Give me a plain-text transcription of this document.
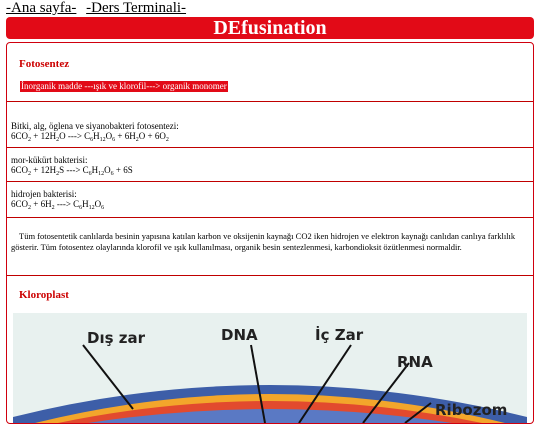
-Ana sayfa- -Ders Terminali-
DEfusination
Fotosentez
İnorganik madde ---ışık ve klorofil---> organik monomer
Bitki, alg, öglena ve siyanobakteri fotosentezi:
$6CO_2 + 12H_2O$ ---> $C_6H_{12}O_6 + 6H_2O + 6O_2$
mor-kükürt bakterisi:
$6CO_2 + 12H_2S$ ---> $C_6H_{12}O_6 + 6S$
hidrojen bakterisi:
$6CO_2 + 6H_2$ ---> $C_6H_{12}O_6$
Tüm fotosentetik canlılarda besinin yapısına katılan karbon ve oksijenin kaynağı CO2 iken hidrojen ve elektron kaynağı canlıdan canlıya farklılık gösterir. Tüm fotosentez olaylarında klorofil ve ışık kullanılması, organik besin sentezlenmesi, karbondioksit özütlenmesi normaldir.
Kloroplast
Dış zar	DNA	İç Zar
RNA
Ribozom
